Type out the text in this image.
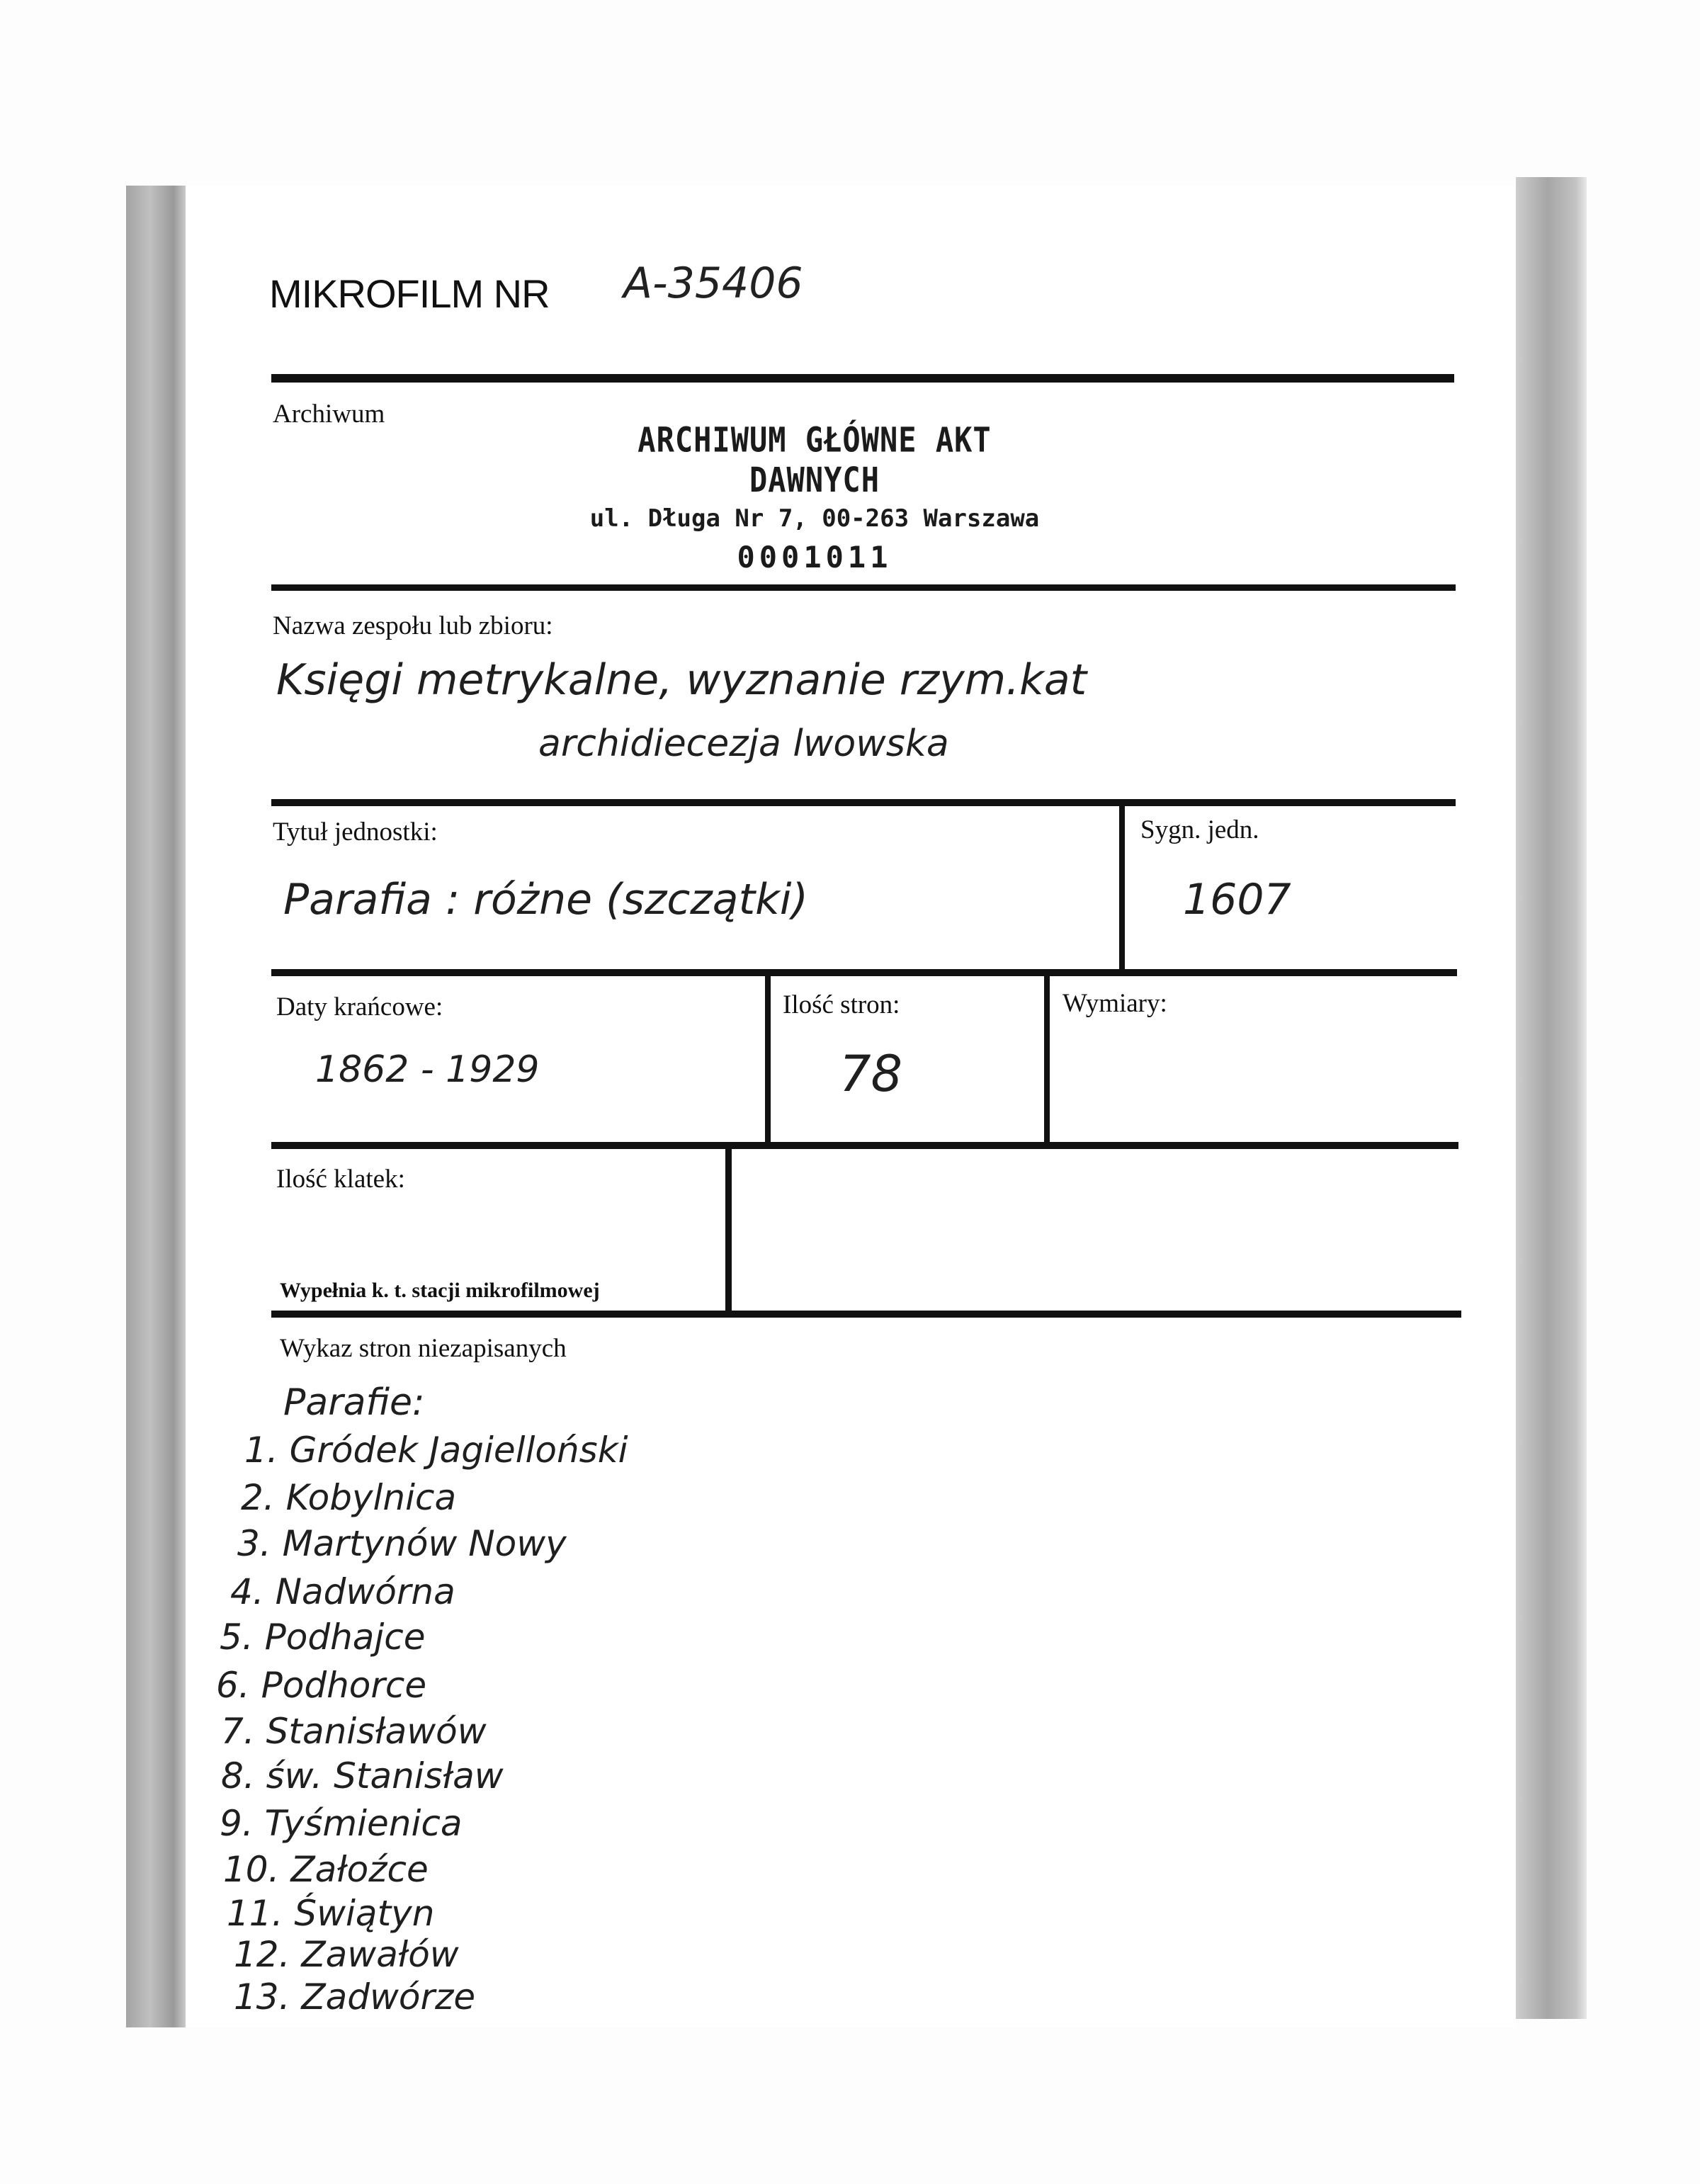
MIKROFILM NR A-35406
Archiwum
ARCHIWUM GŁÓWNE AKT DAWNYCH
ul. Długa Nr 7, 00-263 Warszawa
0001011
Nazwa zespołu lub zbioru:
Księgi metrykalne, wyznanie rzym.kat
archidiecezja lwowska
Tytuł jednostki:
Parafia : różne (szczątki)
Sygn. jedn.
1607
Daty krańcowe:
1862 - 1929
Ilość stron:
78
Wymiary:
Ilość klatek:
Wypełnia k. t. stacji mikrofilmowej
Wykaz stron niezapisanych
Parafie:
1. Gródek Jagielloński
2. Kobylnica
3. Martynów Nowy
4. Nadwórna
5. Podhajce
6. Podhorce
7. Stanisławów
8. św. Stanisław
9. Tyśmienica
10. Załoźce
11. Świątyn
12. Zawałów
13. Zadwórze
